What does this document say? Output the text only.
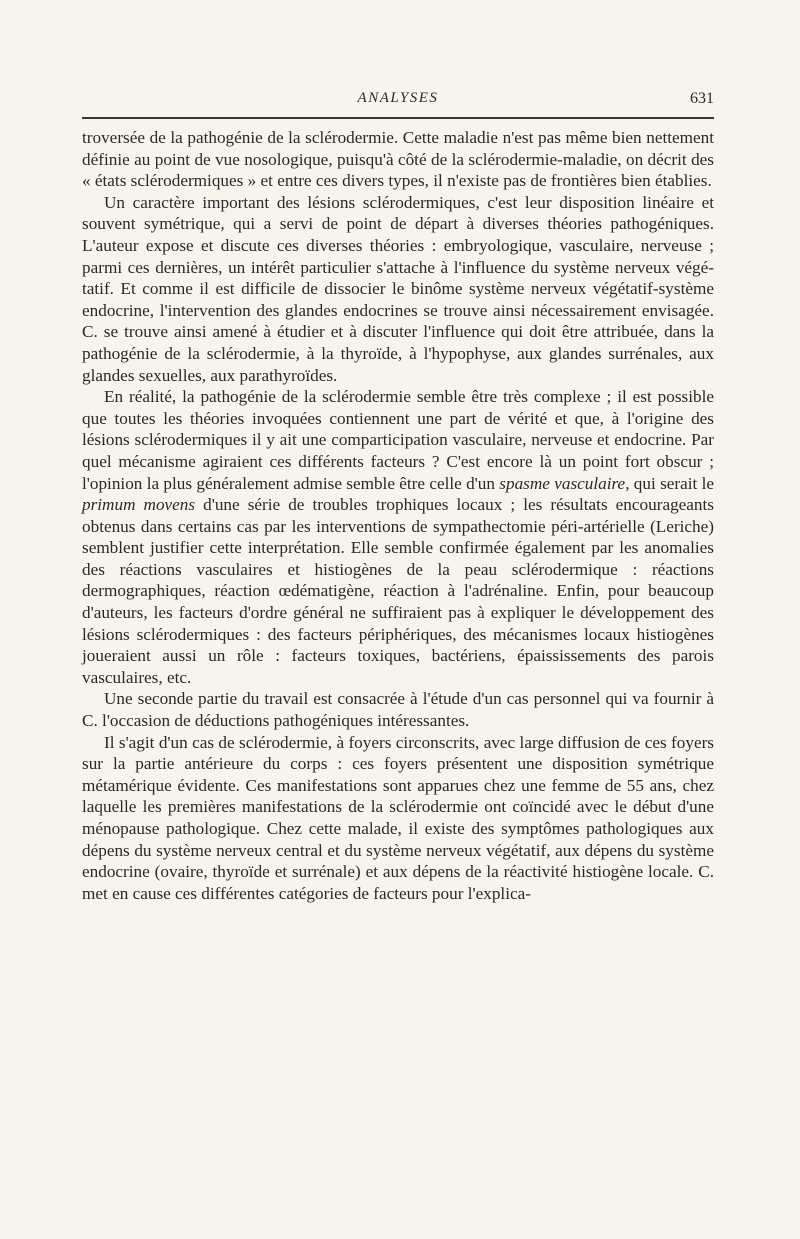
ANALYSES	631

troversée de la pathogénie de la sclérodermie. Cette maladie n'est pas même bien nettement définie au point de vue nosologique, puisqu'à côté de la sclérodermie-maladie, on décrit des « états sclérodermiques » et entre ces divers types, il n'existe pas de frontières bien établies.

Un caractère important des lésions sclérodermiques, c'est leur disposition linéaire et souvent symétrique, qui a servi de point de départ à diverses théories pathogéniques. L'auteur expose et discute ces diverses théories : embryologique, vasculaire, nerveuse ; parmi ces dernières, un intérêt particulier s'attache à l'influence du système nerveux végétatif. Et comme il est difficile de dissocier le binôme système nerveux végétatif-système endocrine, l'intervention des glandes endocrines se trouve ainsi nécessairement envisagée. C. se trouve ainsi amené à étudier et à discuter l'influence qui doit être attribuée, dans la pathogénie de la sclérodermie, à la thyroïde, à l'hypophyse, aux glandes surrénales, aux glandes sexuelles, aux parathyroïdes.

En réalité, la pathogénie de la sclérodermie semble être très complexe ; il est possible que toutes les théories invoquées contiennent une part de vérité et que, à l'origine des lésions sclérodermiques il y ait une comparticipation vasculaire, nerveuse et endocrine. Par quel mécanisme agiraient ces différents facteurs ? C'est encore là un point fort obscur ; l'opinion la plus généralement admise semble être celle d'un spasme vasculaire, qui serait le primum movens d'une série de troubles trophiques locaux ; les résultats encourageants obtenus dans certains cas par les interventions de sympathectomie péri-artérielle (Leriche) semblent justifier cette interprétation. Elle semble confirmée également par les anomalies des réactions vasculaires et histiogènes de la peau sclérodermique : réactions dermographiques, réaction œdématigène, réaction à l'adrénaline. Enfin, pour beaucoup d'auteurs, les facteurs d'ordre général ne suffiraient pas à expliquer le développement des lésions sclérodermiques : des facteurs périphériques, des mécanismes locaux histiogènes joueraient aussi un rôle : facteurs toxiques, bactériens, épaississements des parois vasculaires, etc.

Une seconde partie du travail est consacrée à l'étude d'un cas personnel qui va fournir à C. l'occasion de déductions pathogéniques intéressantes.

Il s'agit d'un cas de sclérodermie, à foyers circonscrits, avec large diffusion de ces foyers sur la partie antérieure du corps : ces foyers présentent une disposition symétrique métamérique évidente. Ces manifestations sont apparues chez une femme de 55 ans, chez laquelle les premières manifestations de la sclérodermie ont coïncidé avec le début d'une ménopause pathologique. Chez cette malade, il existe des symptômes pathologiques aux dépens du système nerveux central et du système nerveux végétatif, aux dépens du système endocrine (ovaire, thyroïde et surrénale) et aux dépens de la réactivité histiogène locale. C. met en cause ces différentes catégories de facteurs pour l'explica-
